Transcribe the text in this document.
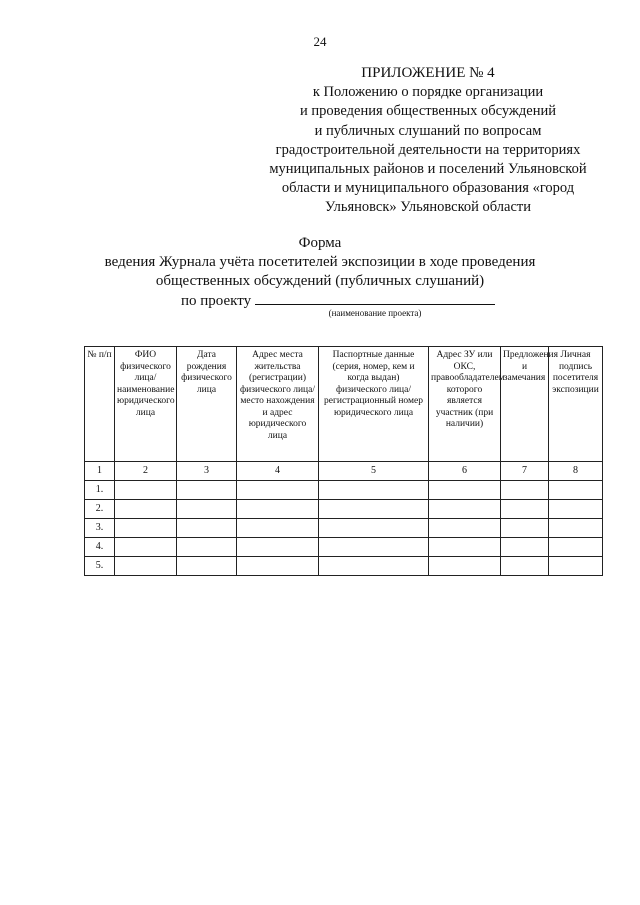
24
ПРИЛОЖЕНИЕ № 4
к Положению о порядке организации
и проведения общественных обсуждений
и публичных слушаний по вопросам
градостроительной деятельности на территориях
муниципальных районов и поселений Ульяновской
области и муниципального образования «город
Ульяновск» Ульяновской области
Форма
ведения Журнала учёта посетителей экспозиции в ходе проведения
общественных обсуждений (публичных слушаний)
по проекту
(наименование проекта)
№ п/п	ФИО физического лица/ наименование юридического лица	Дата рождения физического лица	Адрес места жительства (регистрации) физического лица/место нахождения и адрес юридического лица	Паспортные данные (серия, номер, кем и когда выдан) физического лица/регистрационный номер юридического лица	Адрес ЗУ или ОКС, правообладателем которого является участник (при наличии)	Предложения и замечания	Личная подпись посетителя экспозиции
1	2	3	4	5	6	7	8
1.							
2.							
3.							
4.							
5.							
